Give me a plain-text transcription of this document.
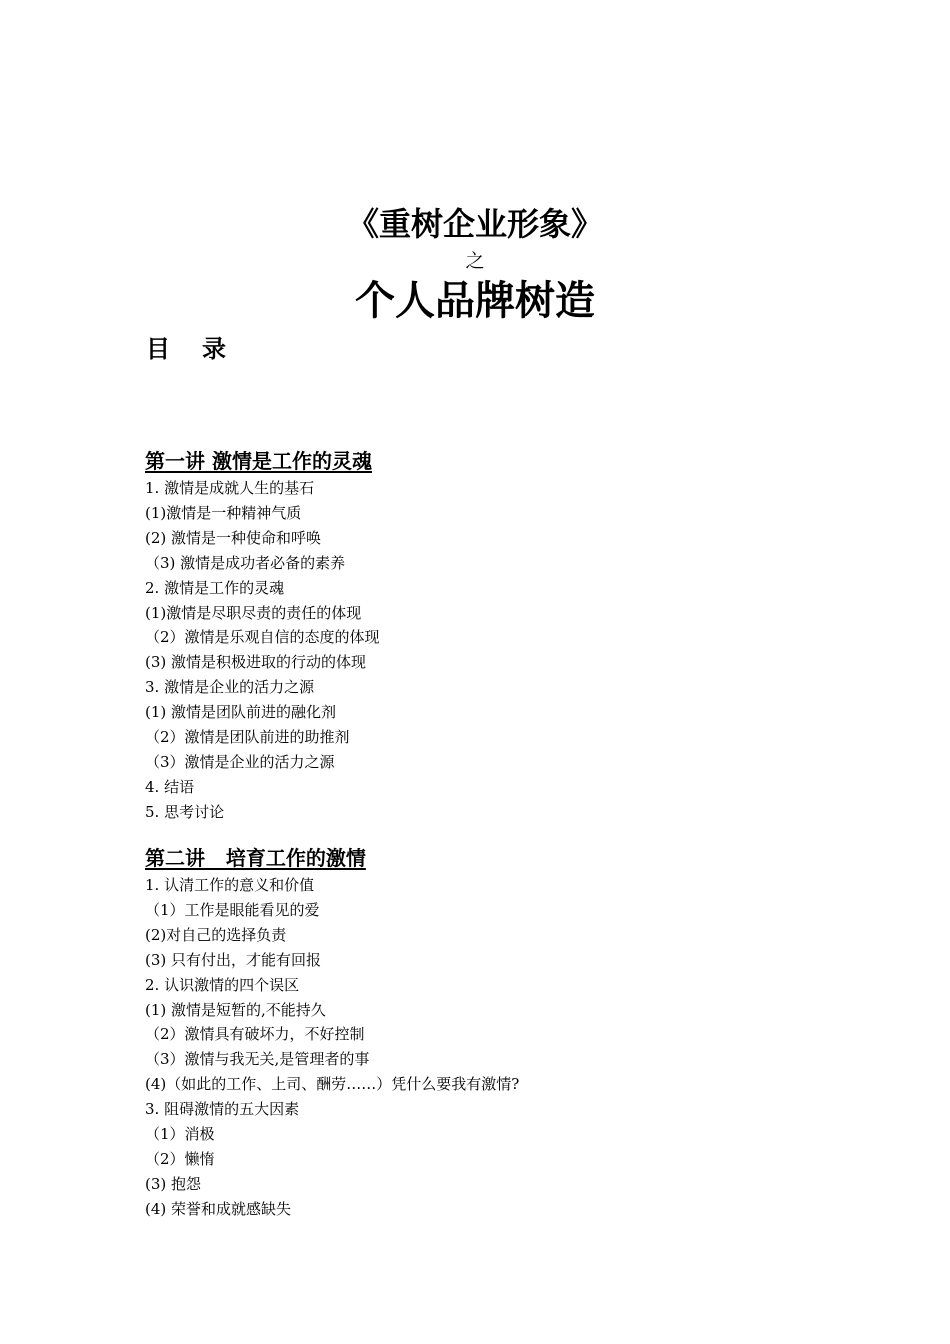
《重树企业形象》
之
个人品牌树造
目录
第一讲 激情是工作的灵魂
1. 激情是成就人生的基石
(1)激情是一种精神气质
(2) 激情是一种使命和呼唤
（3) 激情是成功者必备的素养
2. 激情是工作的灵魂
(1)激情是尽职尽责的责任的体现
（2）激情是乐观自信的态度的体现
(3) 激情是积极进取的行动的体现
3. 激情是企业的活力之源
(1) 激情是团队前进的融化剂
（2）激情是团队前进的助推剂
（3）激情是企业的活力之源
4. 结语
5. 思考讨论
第二讲   培育工作的激情
1. 认清工作的意义和价值
（1）工作是眼能看见的爱
(2)对自己的选择负责
(3) 只有付出，才能有回报
2. 认识激情的四个误区
(1) 激情是短暂的,不能持久
（2）激情具有破坏力，不好控制
（3）激情与我无关,是管理者的事
(4)（如此的工作、上司、酬劳……）凭什么要我有激情?
3. 阻碍激情的五大因素
（1）消极
（2）懒惰
(3) 抱怨
(4) 荣誉和成就感缺失
